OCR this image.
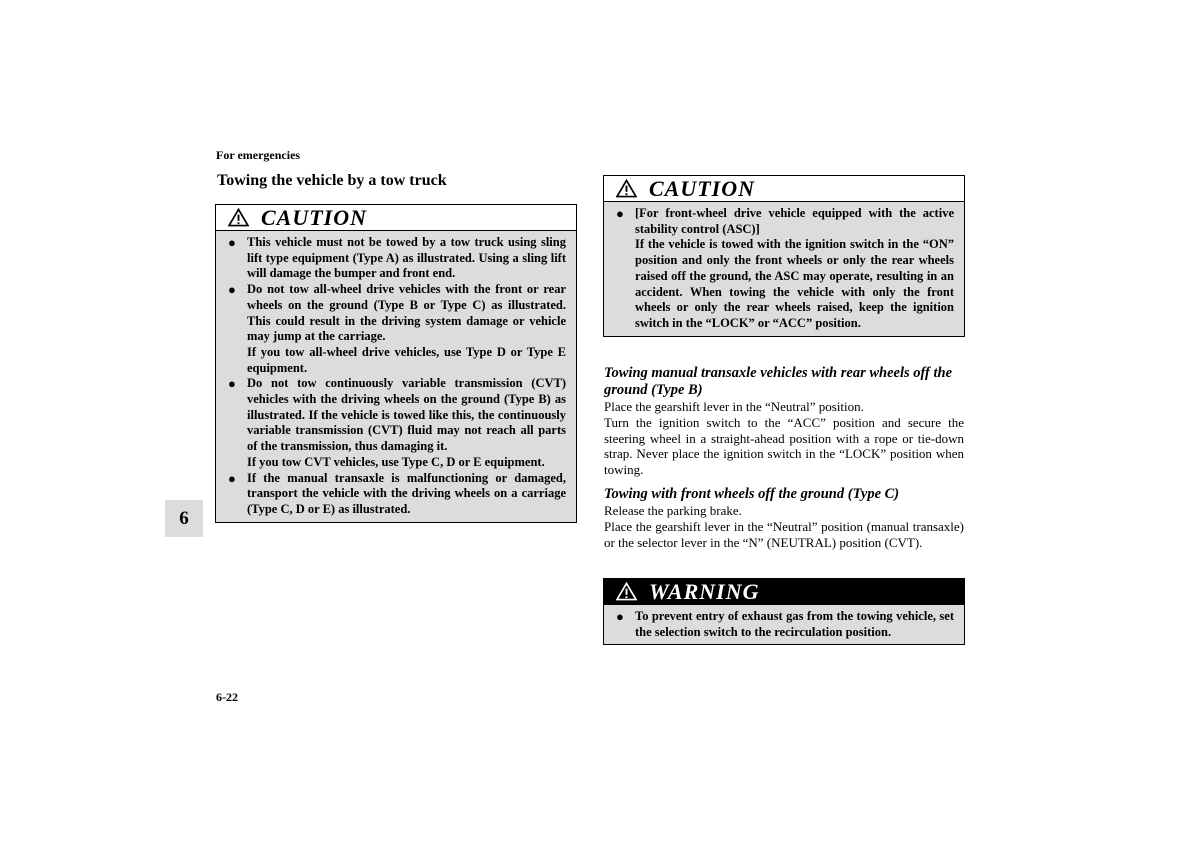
For emergencies
Towing the vehicle by a tow truck
CAUTION
● This vehicle must not be towed by a tow truck using sling lift type equipment (Type A) as illustrated. Using a sling lift will damage the bumper and front end.

● Do not tow all-wheel drive vehicles with the front or rear wheels on the ground (Type B or Type C) as illustrated. This could result in the driving system damage or vehicle may jump at the carriage.

If you tow all-wheel drive vehicles, use Type D or Type E equipment.

● Do not tow continuously variable transmission (CVT) vehicles with the driving wheels on the ground (Type B) as illustrated. If the vehicle is towed like this, the continuously variable transmission (CVT) fluid may not reach all parts of the transmission, thus damaging it.

If you tow CVT vehicles, use Type C, D or E equipment.

● If the manual transaxle is malfunctioning or damaged, transport the vehicle with the driving wheels on a carriage (Type C, D or E) as illustrated.

6
6-22
CAUTION
● [For front-wheel drive vehicle equipped with the active stability control (ASC)]

If the vehicle is towed with the ignition switch in the “ON” position and only the front wheels or only the rear wheels raised off the ground, the ASC may operate, resulting in an accident. When towing the vehicle with only the front wheels or only the rear wheels raised, keep the ignition switch in the “LOCK” or “ACC” position.

Towing manual transaxle vehicles with rear wheels off the ground (Type B)

Place the gearshift lever in the “Neutral” position.

Turn the ignition switch to the “ACC” position and secure the steering wheel in a straight-ahead position with a rope or tie-down strap. Never place the ignition switch in the “LOCK” position when towing.

Towing with front wheels off the ground (Type C)

Release the parking brake.

Place the gearshift lever in the “Neutral” position (manual transaxle) or the selector lever in the “N” (NEUTRAL) position (CVT).

WARNING
● To prevent entry of exhaust gas from the towing vehicle, set the selection switch to the recirculation position.
